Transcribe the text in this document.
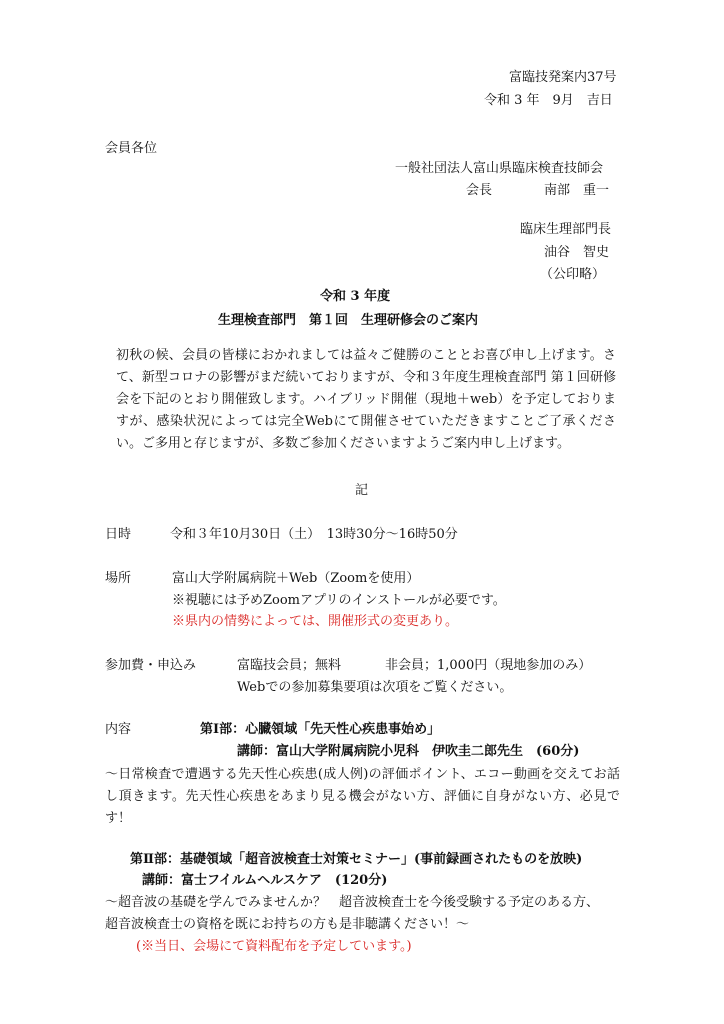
富臨技発案内37号
令和 3 年　9月　吉日
会員各位
一般社団法人富山県臨床検査技師会
会長	南部　重一
臨床生理部門長
油谷　智史
（公印略）
令和 3 年度
生理検査部門　第１回　生理研修会のご案内
初秋の候、会員の皆様におかれましては益々ご健勝のこととお喜び申し上げます。さて、新型コロナの影響がまだ続いておりますが、令和３年度生理検査部門 第１回研修会を下記のとおり開催致します。ハイブリッド開催（現地＋web）を予定しておりますが、感染状況によっては完全Webにて開催させていただきますことご了承ください。ご多用と存じますが、多数ご参加くださいますようご案内申し上げます。
記
日時	令和３年10月30日（土）　13時30分～16時50分
場所	富山大学附属病院＋Web（Zoomを使用）
※視聴には予めZoomアプリのインストールが必要です。
※県内の情勢によっては、開催形式の変更あり。
参加費・申込み	富臨技会員；無料	非会員；1,000円（現地参加のみ）
Webでの参加募集要項は次項をご覧ください。
内容	第Ⅰ部：心臓領域「先天性心疾患事始め」
講師：富山大学附属病院小児科　伊吹圭二郎先生　(60分)
～日常検査で遭遇する先天性心疾患(成人例)の評価ポイント、エコー動画を交えてお話し頂きます。先天性心疾患をあまり見る機会がない方、評価に自身がない方、必見です！
第Ⅱ部：基礎領域「超音波検査士対策セミナー」(事前録画されたものを放映)
講師：富士フイルムヘルスケア　(120分)
～超音波の基礎を学んでみませんか？　超音波検査士を今後受験する予定のある方、
超音波検査士の資格を既にお持ちの方も是非聴講ください！～
(※当日、会場にて資料配布を予定しています。)
